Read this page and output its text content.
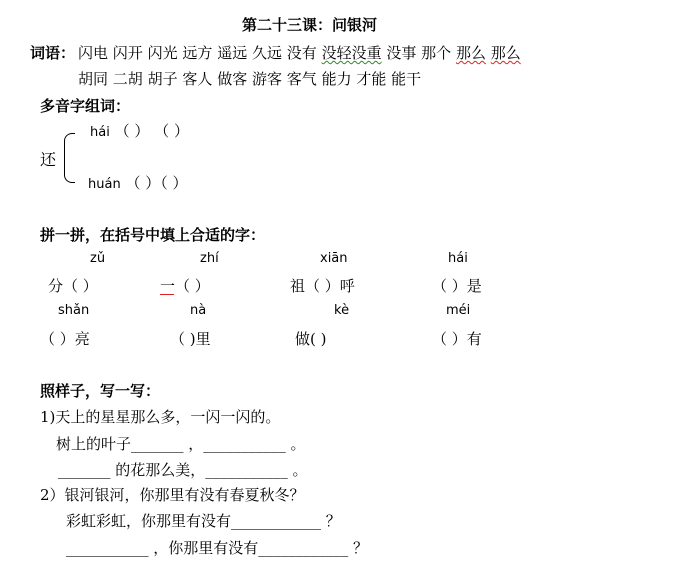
第二十三课：问银河
词语： 闪电 闪开 闪光 远方 遥远 久远 没有 没轻没重 没事 那个 那么 那么
胡同 二胡 胡子 客人 做客 游客 客气 能力 才能 能干
多音字组词：
还
hái （ ） （ ）
huán （ ）（ ）
拼一拼，在括号中填上合适的字：
zǔ	zhí	xiān	hái
分（ ）	一（ ）	祖（ ）呼	（ ）是
shǎn	nà	kè	méi
（ ）亮	（ )里	做( )	（ ）有
照样子，写一写：
1)天上的星星那么多，一闪一闪的。
树上的叶子_______ ，___________ 。
_______ 的花那么美，___________ 。
2）银河银河，你那里有没有春夏秋冬？
彩虹彩虹，你那里有没有____________ ？
___________ ，你那里有没有____________ ？
